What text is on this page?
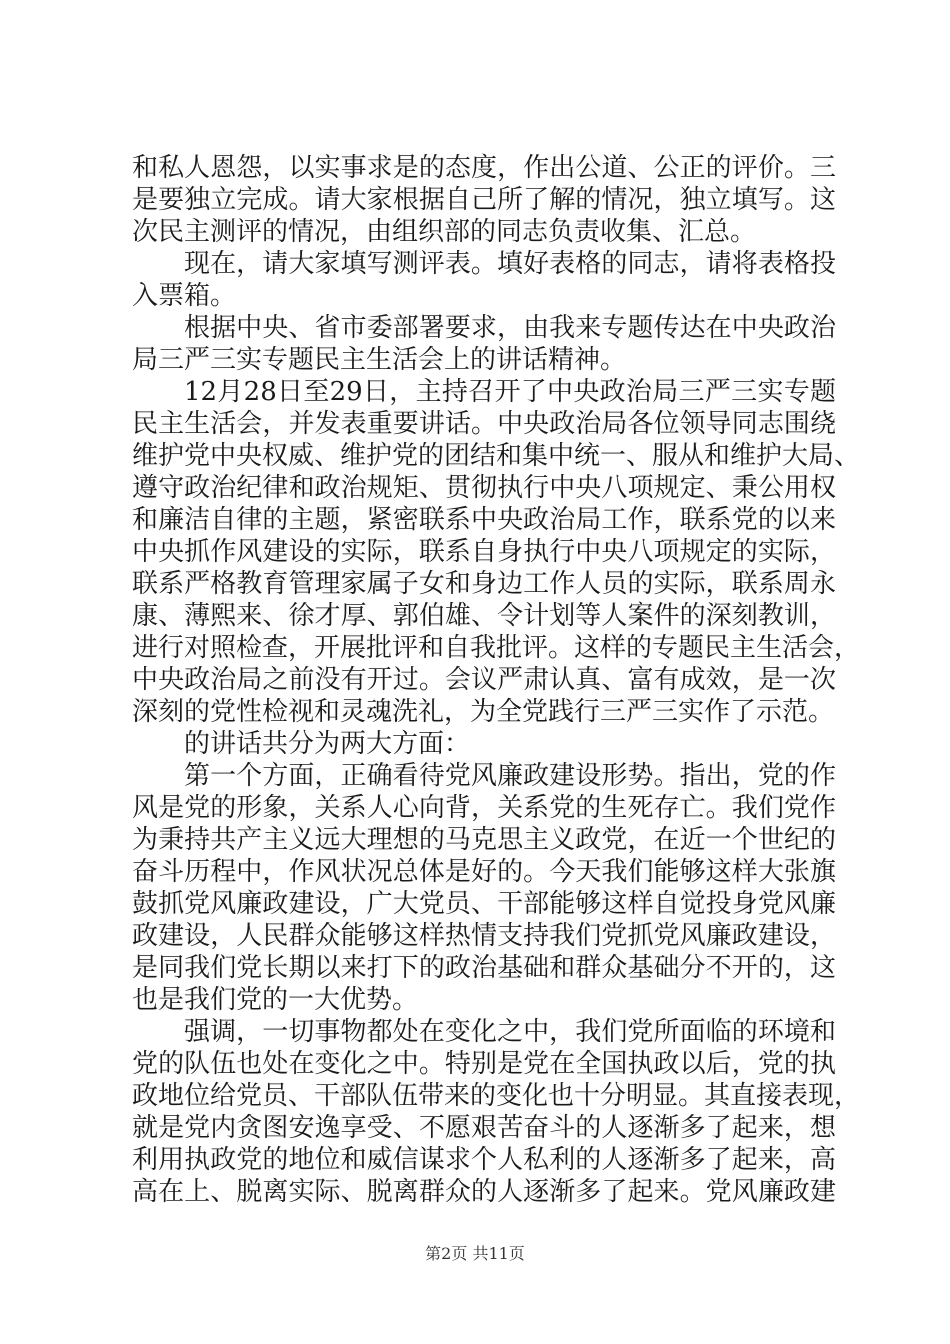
和私人恩怨，以实事求是的态度，作出公道、公正的评价。三
是要独立完成。请大家根据自己所了解的情况，独立填写。这
次民主测评的情况，由组织部的同志负责收集、汇总。
现在，请大家填写测评表。填好表格的同志，请将表格投
入票箱。
根据中央、省市委部署要求，由我来专题传达在中央政治
局三严三实专题民主生活会上的讲话精神。
12月28日至29日，主持召开了中央政治局三严三实专题
民主生活会，并发表重要讲话。中央政治局各位领导同志围绕
维护党中央权威、维护党的团结和集中统一、服从和维护大局、
遵守政治纪律和政治规矩、贯彻执行中央八项规定、秉公用权
和廉洁自律的主题，紧密联系中央政治局工作，联系党的以来
中央抓作风建设的实际，联系自身执行中央八项规定的实际，
联系严格教育管理家属子女和身边工作人员的实际，联系周永
康、薄熙来、徐才厚、郭伯雄、令计划等人案件的深刻教训，
进行对照检查，开展批评和自我批评。这样的专题民主生活会，
中央政治局之前没有开过。会议严肃认真、富有成效，是一次
深刻的党性检视和灵魂洗礼，为全党践行三严三实作了示范。
的讲话共分为两大方面：
第一个方面，正确看待党风廉政建设形势。指出，党的作
风是党的形象，关系人心向背，关系党的生死存亡。我们党作
为秉持共产主义远大理想的马克思主义政党，在近一个世纪的
奋斗历程中，作风状况总体是好的。今天我们能够这样大张旗
鼓抓党风廉政建设，广大党员、干部能够这样自觉投身党风廉
政建设，人民群众能够这样热情支持我们党抓党风廉政建设，
是同我们党长期以来打下的政治基础和群众基础分不开的，这
也是我们党的一大优势。
强调，一切事物都处在变化之中，我们党所面临的环境和
党的队伍也处在变化之中。特别是党在全国执政以后，党的执
政地位给党员、干部队伍带来的变化也十分明显。其直接表现，
就是党内贪图安逸享受、不愿艰苦奋斗的人逐渐多了起来，想
利用执政党的地位和威信谋求个人私利的人逐渐多了起来，高
高在上、脱离实际、脱离群众的人逐渐多了起来。党风廉政建
第2页 共11页
